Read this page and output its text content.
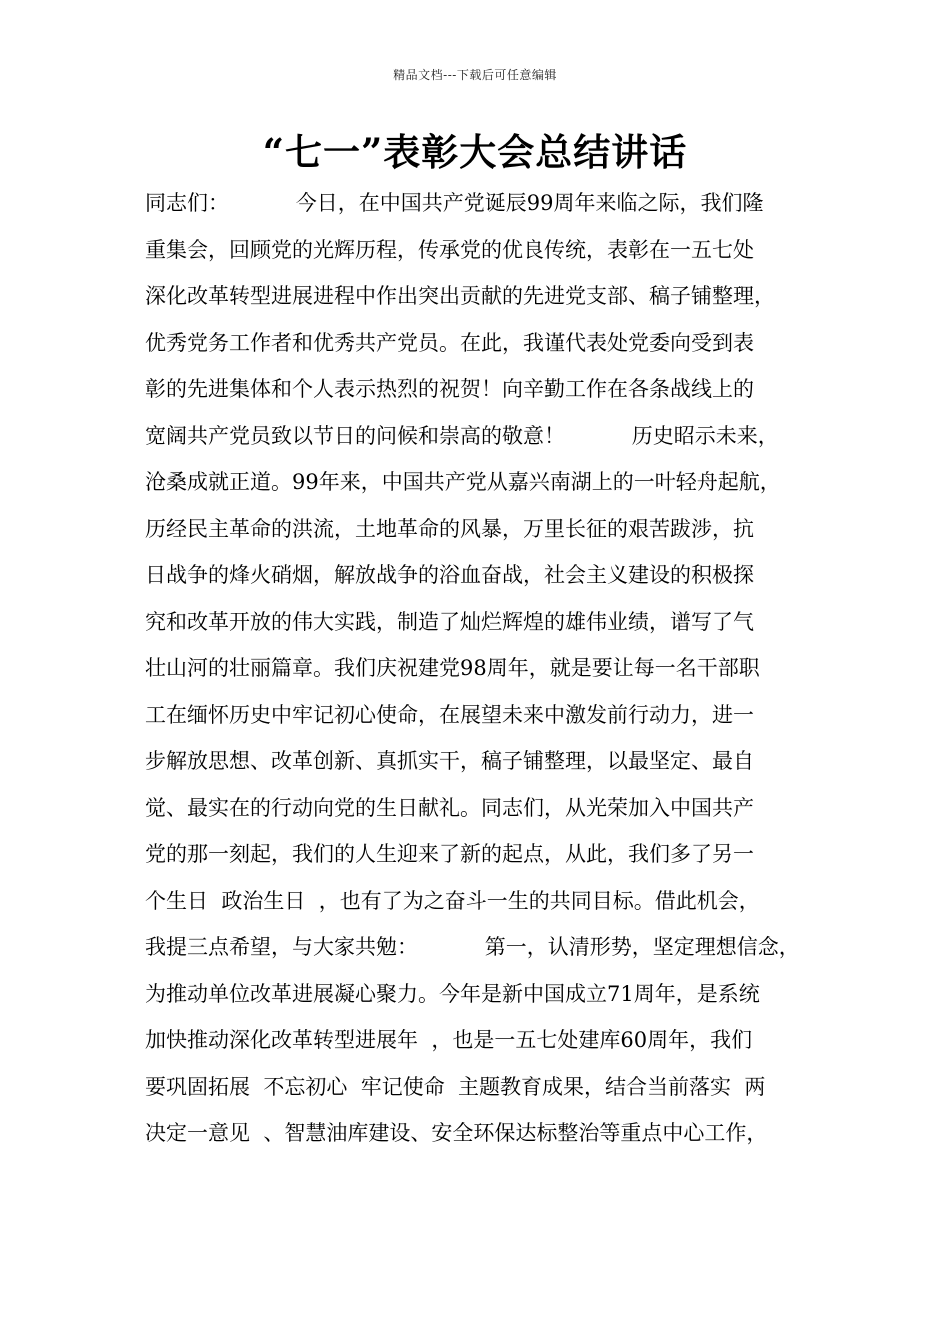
精品文档---下载后可任意编辑
“七一”表彰大会总结讲话
同志们：          今日，在中国共产党诞辰99周年来临之际，我们隆
重集会，回顾党的光辉历程，传承党的优良传统，表彰在一五七处
深化改革转型进展进程中作出突出贡献的先进党支部、稿子铺整理，
优秀党务工作者和优秀共产党员。在此，我谨代表处党委向受到表
彰的先进集体和个人表示热烈的祝贺！向辛勤工作在各条战线上的
宽阔共产党员致以节日的问候和崇高的敬意！          历史昭示未来，
沧桑成就正道。99年来，中国共产党从嘉兴南湖上的一叶轻舟起航，
历经民主革命的洪流，土地革命的风暴，万里长征的艰苦跋涉，抗
日战争的烽火硝烟，解放战争的浴血奋战，社会主义建设的积极探
究和改革开放的伟大实践，制造了灿烂辉煌的雄伟业绩，谱写了气
壮山河的壮丽篇章。我们庆祝建党98周年，就是要让每一名干部职
工在缅怀历史中牢记初心使命，在展望未来中激发前行动力，进一
步解放思想、改革创新、真抓实干，稿子铺整理，以最坚定、最自
觉、最实在的行动向党的生日献礼。同志们，从光荣加入中国共产
党的那一刻起，我们的人生迎来了新的起点，从此，我们多了另一
个生日  政治生日  ，也有了为之奋斗一生的共同目标。借此机会，
我提三点希望，与大家共勉：          第一，认清形势，坚定理想信念，
为推动单位改革进展凝心聚力。今年是新中国成立71周年，是系统
加快推动深化改革转型进展年  ，也是一五七处建库60周年，我们
要巩固拓展  不忘初心  牢记使命  主题教育成果，结合当前落实  两
决定一意见  、智慧油库建设、安全环保达标整治等重点中心工作，
